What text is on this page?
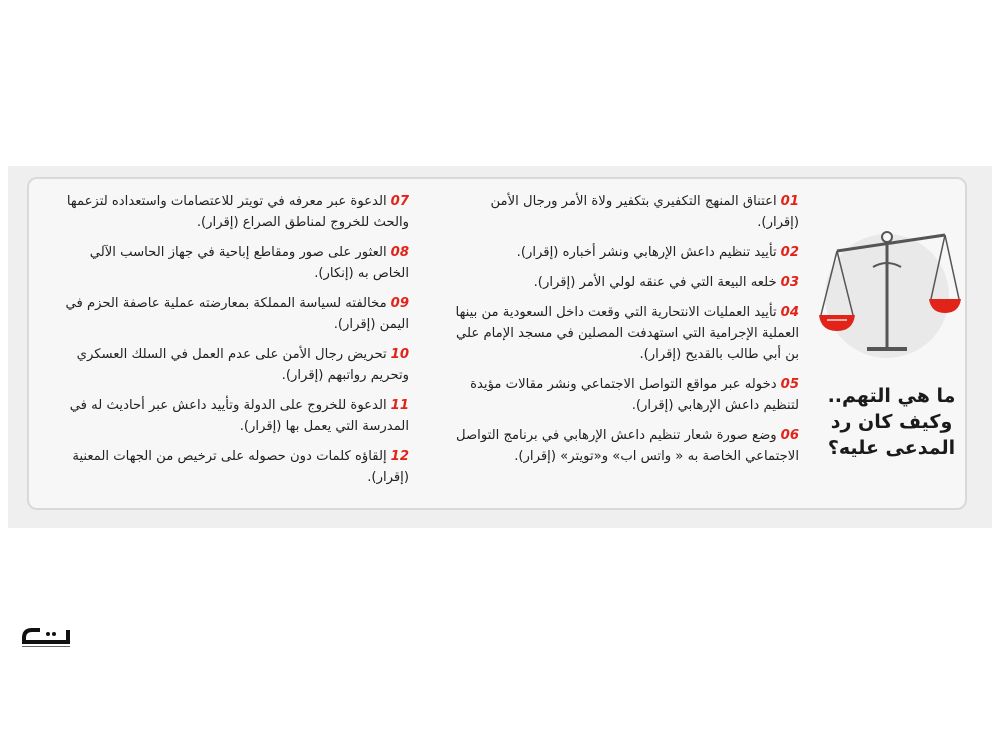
01اعتناق المنهج التكفيري بتكفير ولاة الأمر ورجال الأمن (إقرار).
02تأييد تنظيم داعش الإرهابي ونشر أخباره (إقرار).
03خلعه البيعة التي في عنقه لولي الأمر (إقرار).
04تأييد العمليات الانتحارية التي وقعت داخل السعودية من بينها العملية الإجرامية التي استهدفت المصلين في مسجد الإمام علي بن أبي طالب بالقديح (إقرار).
05دخوله عبر مواقع التواصل الاجتماعي ونشر مقالات مؤيدة لتنظيم داعش الإرهابي (إقرار).
06وضع صورة شعار تنظيم داعش الإرهابي في برنامج التواصل الاجتماعي الخاصة به « واتس اب» و«تويتر» (إقرار).
07الدعوة عبر معرفه في تويتر للاعتصامات واستعداده لتزعمها والحث للخروج لمناطق الصراع (إقرار).
08العثور على صور ومقاطع إباحية في جهاز الحاسب الآلي الخاص به (إنكار).
09مخالفته لسياسة المملكة بمعارضته عملية عاصفة الحزم في اليمن (إقرار).
10تحريض رجال الأمن على عدم العمل في السلك العسكري وتحريم رواتبهم (إقرار).
11الدعوة للخروج على الدولة وتأييد داعش عبر أحاديث له في المدرسة التي يعمل بها (إقرار).
12إلقاؤه كلمات دون حصوله على ترخيص من الجهات المعنية (إقرار).
ما هي التهم.. وكيف كان رد المدعى عليه؟
